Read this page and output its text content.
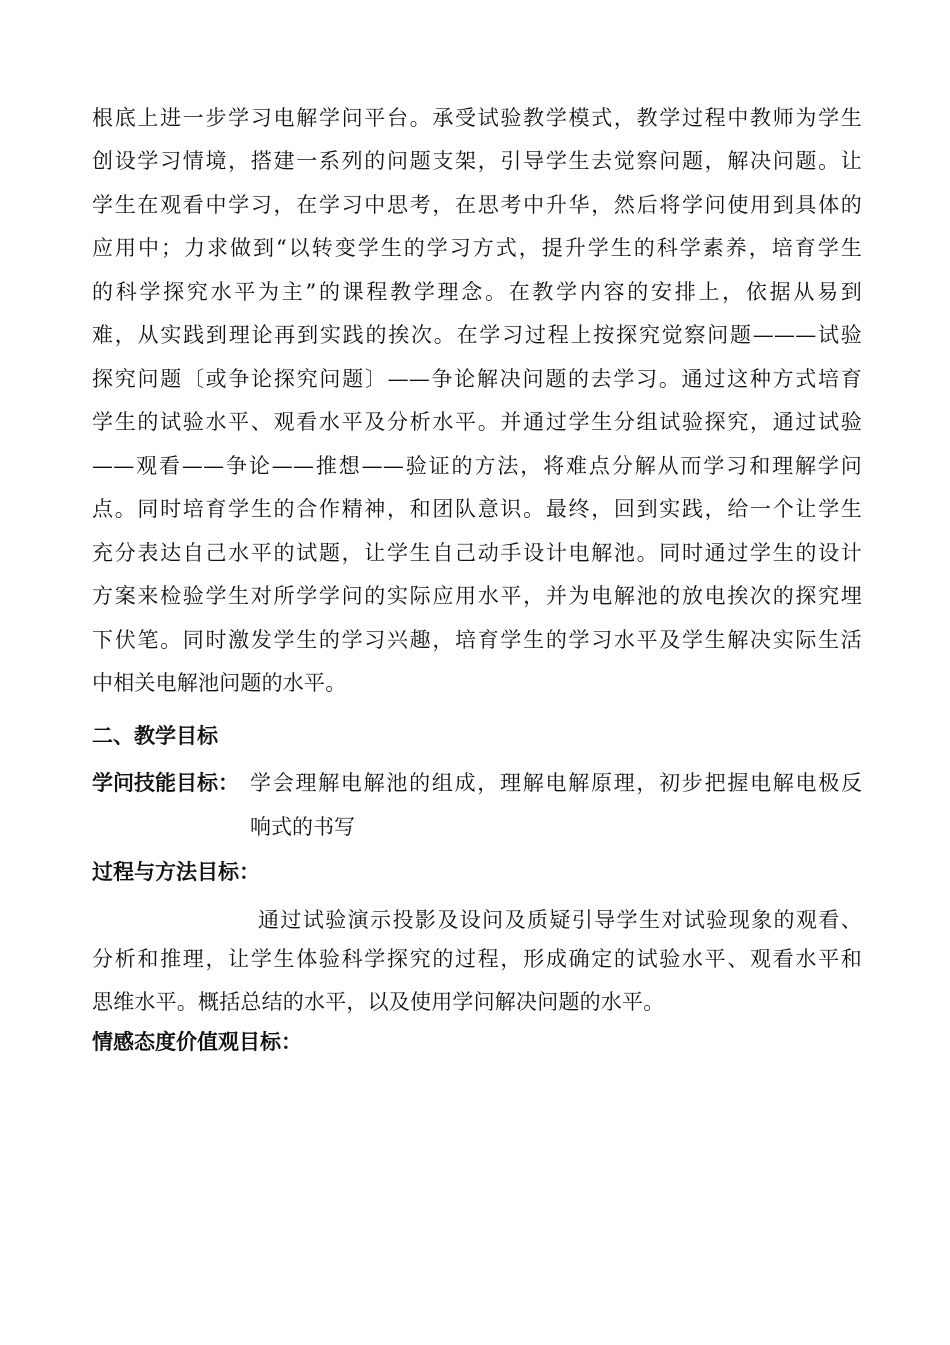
根底上进一步学习电解学问平台。承受试验教学模式，教学过程中教师为学生
创设学习情境，搭建一系列的问题支架，引导学生去觉察问题，解决问题。让
学生在观看中学习，在学习中思考，在思考中升华，然后将学问使用到具体的
应用中；力求做到“以转变学生的学习方式，提升学生的科学素养，培育学生
的科学探究水平为主”的课程教学理念。在教学内容的安排上，依据从易到
难，从实践到理论再到实践的挨次。在学习过程上按探究觉察问题———试验
探究问题〔或争论探究问题〕——争论解决问题的去学习。通过这种方式培育
学生的试验水平、观看水平及分析水平。并通过学生分组试验探究，通过试验
——观看——争论——推想——验证的方法，将难点分解从而学习和理解学问
点。同时培育学生的合作精神，和团队意识。最终，回到实践，给一个让学生
充分表达自己水平的试题，让学生自己动手设计电解池。同时通过学生的设计
方案来检验学生对所学学问的实际应用水平，并为电解池的放电挨次的探究埋
下伏笔。同时激发学生的学习兴趣，培育学生的学习水平及学生解决实际生活
中相关电解池问题的水平。
二、教学目标
学问技能目标： 学会理解电解池的组成，理解电解原理，初步把握电解电极反
响式的书写
过程与方法目标：
通过试验演示投影及设问及质疑引导学生对试验现象的观看、
分析和推理，让学生体验科学探究的过程，形成确定的试验水平、观看水平和
思维水平。概括总结的水平，以及使用学问解决问题的水平。
情感态度价值观目标：
